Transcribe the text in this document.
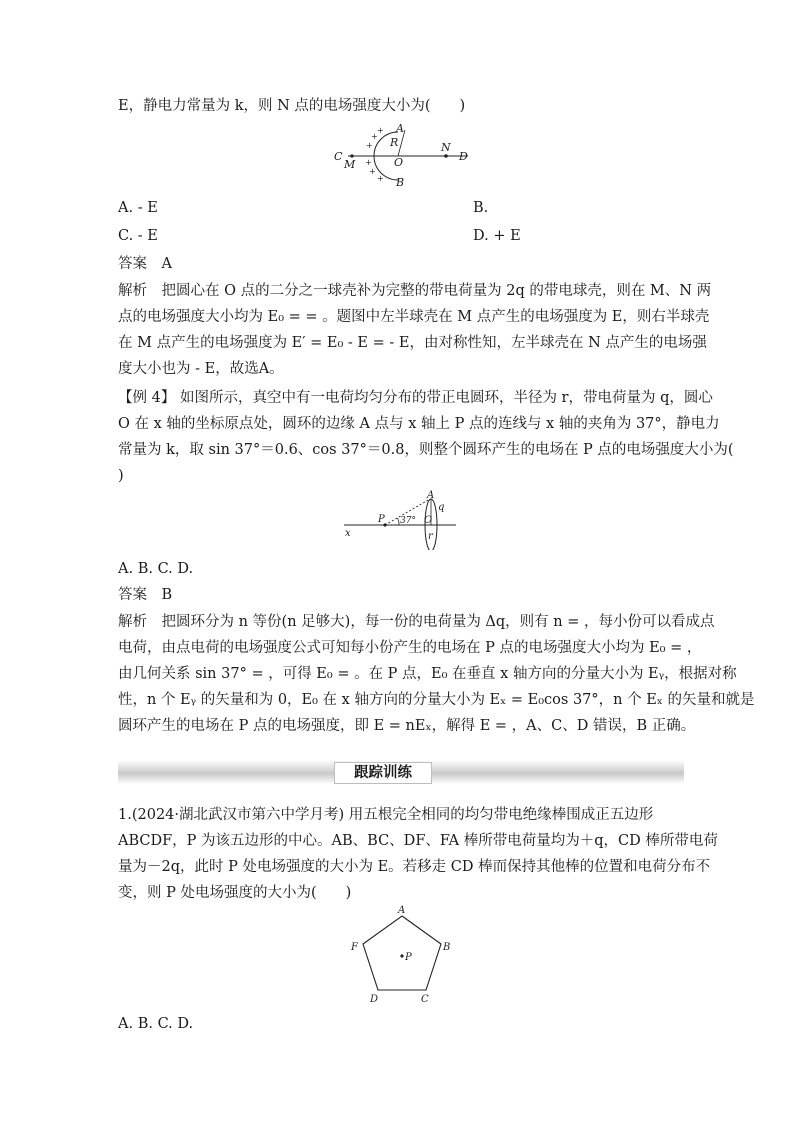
E，静电力常量为 k，则 N 点的电场强度大小为(　　)
+
+
+
+
+
+
A
R
C
M	O
N
D
B
A. - E	B.
C. - E	D. + E
答案　A
解析　把圆心在 O 点的二分之一球壳补为完整的带电荷量为 2q 的带电球壳，则在 M、N 两
点的电场强度大小均为 E₀ = = 。题图中左半球壳在 M 点产生的电场强度为 E，则右半球壳
在 M 点产生的电场强度为 E′ = E₀ - E = - E，由对称性知，左半球壳在 N 点产生的电场强
度大小也为 - E，故选A。
【例 4】 如图所示，真空中有一电荷均匀分布的带正电圆环，半径为 r，带电荷量为 q，圆心
O 在 x 轴的坐标原点处，圆环的边缘 A 点与 x 轴上 P 点的连线与 x 轴的夹角为 37°，静电力
常量为 k，取 sin 37°＝0.6、cos 37°＝0.8，则整个圆环产生的电场在 P 点的电场强度大小为(
)
A
q
P 37° O
x	r
A. B. C. D.
答案　B
解析　把圆环分为 n 等份(n 足够大)，每一份的电荷量为 Δq，则有 n = ，每小份可以看成点
电荷，由点电荷的电场强度公式可知每小份产生的电场在 P 点的电场强度大小均为 E₀ = ，
由几何关系 sin 37° = ，可得 E₀ = 。在 P 点，E₀ 在垂直 x 轴方向的分量大小为 Eᵧ，根据对称
性，n 个 Eᵧ 的矢量和为 0，E₀ 在 x 轴方向的分量大小为 Eₓ = E₀cos 37°，n 个 Eₓ 的矢量和就是
圆环产生的电场在 P 点的电场强度，即 E = nEₓ，解得 E = ，A、C、D 错误，B 正确。
跟踪训练
1.(2024·湖北武汉市第六中学月考) 用五根完全相同的均匀带电绝缘棒围成正五边形
ABCDF，P 为该五边形的中心。AB、BC、DF、FA 棒所带电荷量均为＋q，CD 棒所带电荷
量为－2q，此时 P 处电场强度的大小为 E。若移走 CD 棒而保持其他棒的位置和电荷分布不
变，则 P 处电场强度的大小为(　　)
A
B
C
D
F
P
A. B. C. D.
